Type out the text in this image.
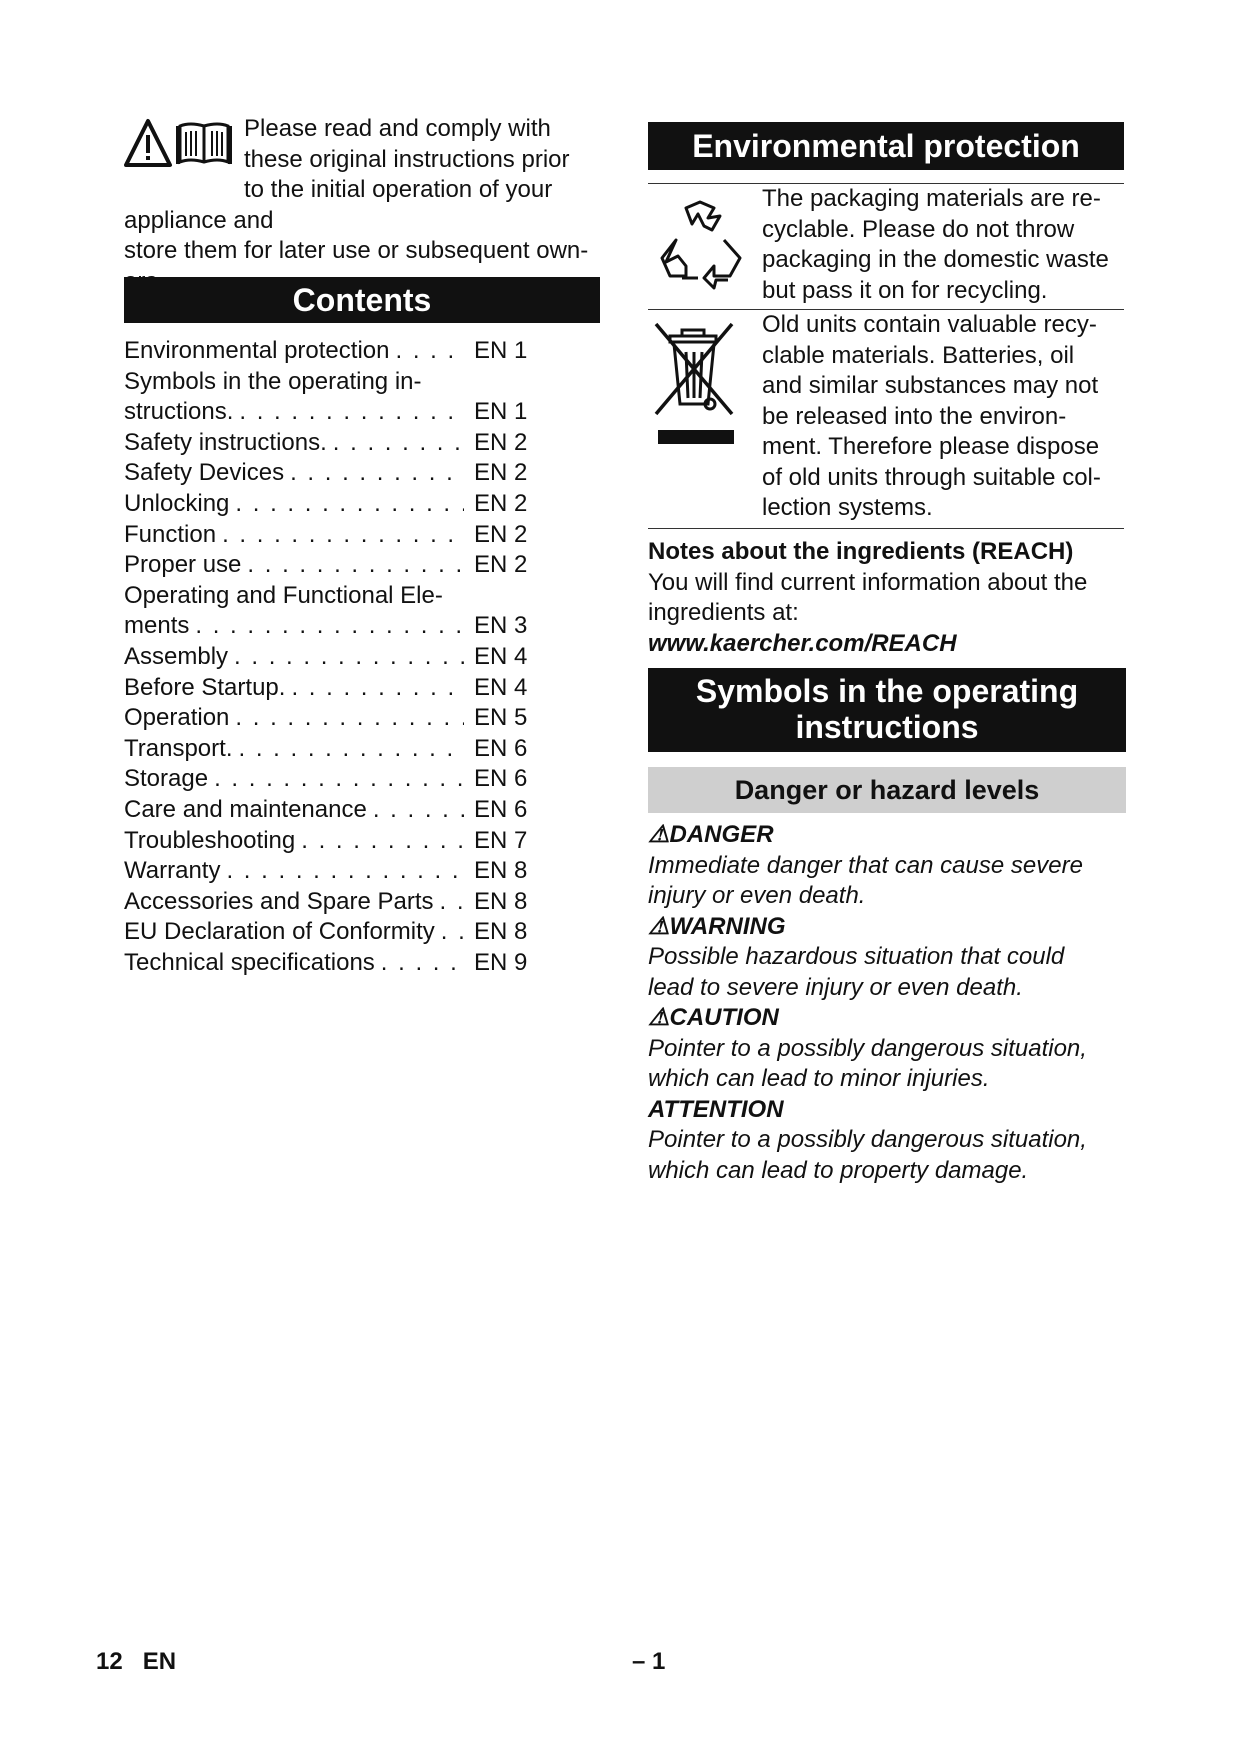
Please read and comply with
these original instructions prior
to the initial operation of your appliance and
store them for later use or subsequent own-
Contents
Environmental protection . . .	EN 1
Symbols in the operating in-
structions. . . .	EN 1
Safety instructions. . . .	EN 2
Safety Devices . . .	EN 2
Unlocking . . .	EN 2
Function . . .	EN 2
Proper use . . .	EN 2
Operating and Functional Ele-
ments . . .	EN 3
Assembly . . .	EN 4
Before Startup. . . .	EN 4
Operation . . .	EN 5
Transport. . . .	EN 6
Storage . . .	EN 6
Care and maintenance . . .	EN 6
Troubleshooting . . .	EN 7
Warranty . . .	EN 8
Accessories and Spare Parts . . .	EN 8
EU Declaration of Conformity . . .	EN 8
Technical specifications . . .	EN 9
Environmental protection
The packaging materials are re-
cyclable. Please do not throw
packaging in the domestic waste
but pass it on for recycling.
Old units contain valuable recy-
clable materials. Batteries, oil
and similar substances may not
be released into the environ-
ment. Therefore please dispose
of old units through suitable col-
lection systems.
Notes about the ingredients (REACH)
You will find current information about the
ingredients at:
www.kaercher.com/REACH
Symbols in the operating
instructions
Danger or hazard levels
⚠DANGER
Immediate danger that can cause severe
injury or even death.
⚠WARNING
Possible hazardous situation that could
lead to severe injury or even death.
⚠CAUTION
Pointer to a possibly dangerous situation,
which can lead to minor injuries.
ATTENTION
Pointer to a possibly dangerous situation,
which can lead to property damage.
12 EN	– 1
